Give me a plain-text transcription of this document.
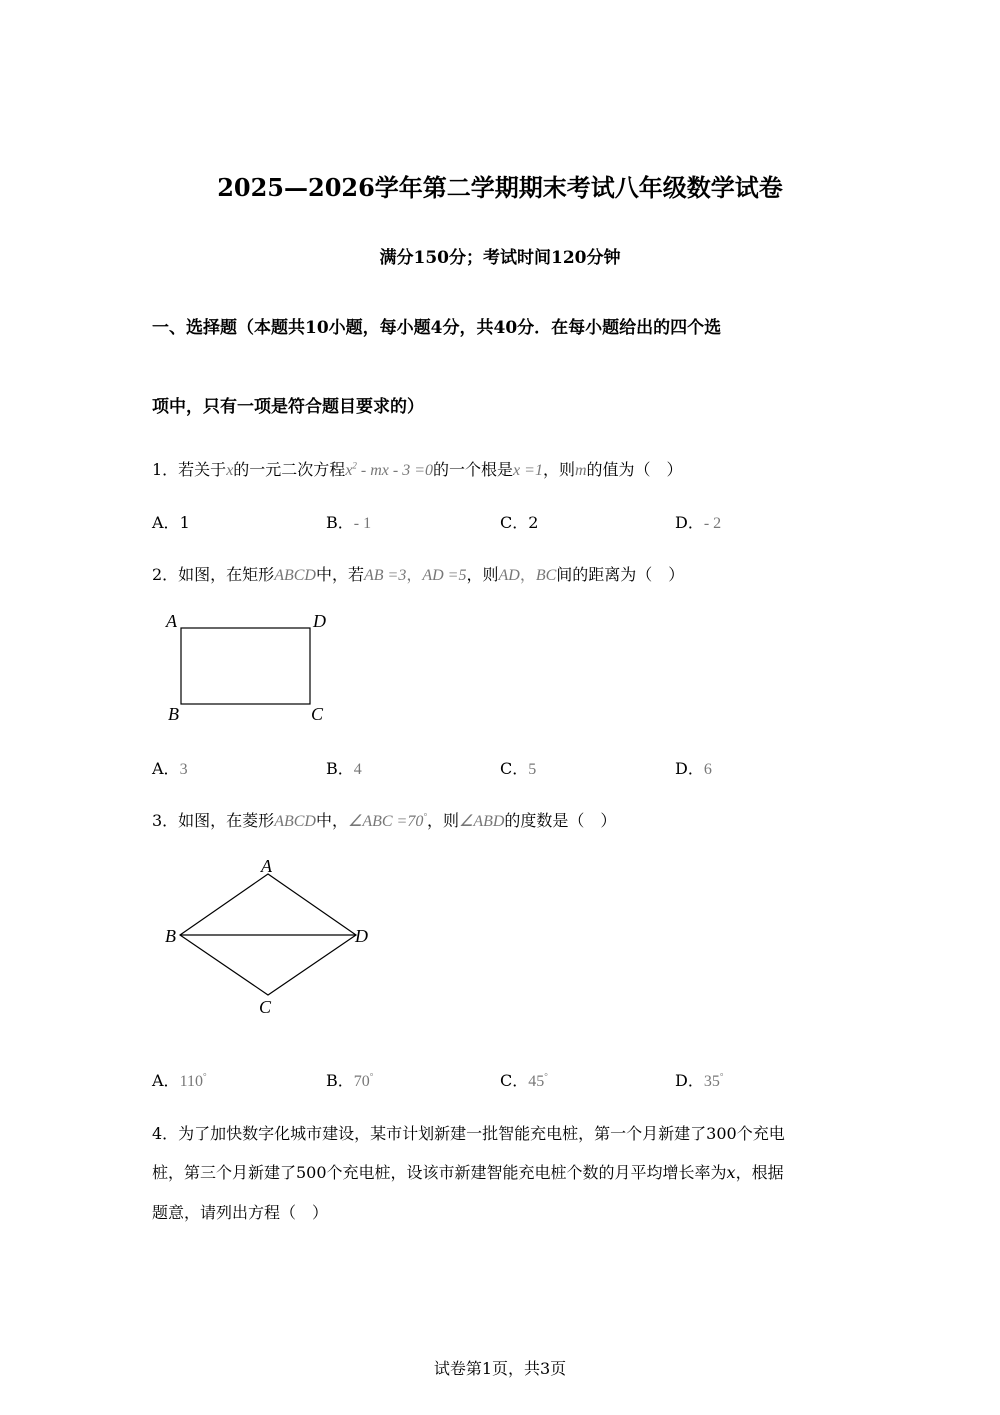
2025—2026学年第二学期期末考试八年级数学试卷
满分150分；考试时间120分钟
一、选择题（本题共10小题，每小题4分，共40分．在每小题给出的四个选
项中，只有一项是符合题目要求的）
1．若关于x的一元二次方程$x^2$ - mx - 3 =0的一个根是x =1，则m的值为（　）
A．1	B．- 1	C．2	D．- 2
2．如图，在矩形ABCD中，若AB =3，AD =5，则AD，BC间的距离为（　）
A	D
B	C
A．3	B．4	C．5	D．6
3．如图，在菱形ABCD中，∠ABC =70°，则∠ABD的度数是（　）
A
B	D
C
A．110°	B．70°	C．45°	D．35°
4．为了加快数字化城市建设，某市计划新建一批智能充电桩，第一个月新建了300个充电
桩，第三个月新建了500个充电桩，设该市新建智能充电桩个数的月平均增长率为x，根据
题意，请列出方程（　）
试卷第1页，共3页
